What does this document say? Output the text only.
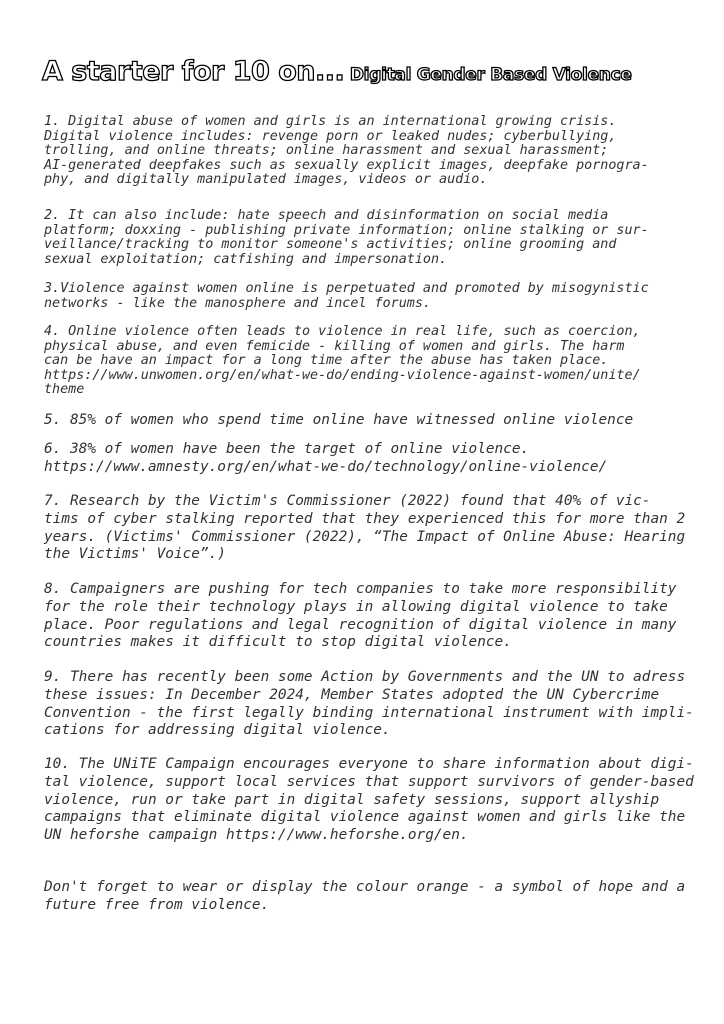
A starter for 10 on... Digital Gender Based Violence

1. Digital abuse of women and girls is an international growing crisis.
Digital violence includes: revenge porn or leaked nudes; cyberbullying,
trolling, and online threats; online harassment and sexual harassment;
AI-generated deepfakes such as sexually explicit images, deepfake pornogra-
phy, and digitally manipulated images, videos or audio.

2. It can also include: hate speech and disinformation on social media
platform; doxxing - publishing private information; online stalking or sur-
veillance/tracking to monitor someone's activities; online grooming and
sexual exploitation; catfishing and impersonation.

3.Violence against women online is perpetuated and promoted by misogynistic
networks - like the manosphere and incel forums.

4. Online violence often leads to violence in real life, such as coercion,
physical abuse, and even femicide - killing of women and girls. The harm
can be have an impact for a long time after the abuse has taken place.
https://www.unwomen.org/en/what-we-do/ending-violence-against-women/unite/
theme

5. 85% of women who spend time online have witnessed online violence

6. 38% of women have been the target of online violence.
https://www.amnesty.org/en/what-we-do/technology/online-violence/

7. Research by the Victim's Commissioner (2022) found that 40% of vic-
tims of cyber stalking reported that they experienced this for more than 2
years. (Victims' Commissioner (2022), “The Impact of Online Abuse: Hearing
the Victims' Voice”.)

8. Campaigners are pushing for tech companies to take more responsibility
for the role their technology plays in allowing digital violence to take
place. Poor regulations and legal recognition of digital violence in many
countries makes it difficult to stop digital violence.

9. There has recently been some Action by Governments and the UN to adress
these issues: In December 2024, Member States adopted the UN Cybercrime
Convention - the first legally binding international instrument with impli-
cations for addressing digital violence.

10. The UNiTE Campaign encourages everyone to share information about digi-
tal violence, support local services that support survivors of gender-based
violence, run or take part in digital safety sessions, support allyship
campaigns that eliminate digital violence against women and girls like the
UN heforshe campaign https://www.heforshe.org/en.

Don't forget to wear or display the colour orange - a symbol of hope and a
future free from violence.
